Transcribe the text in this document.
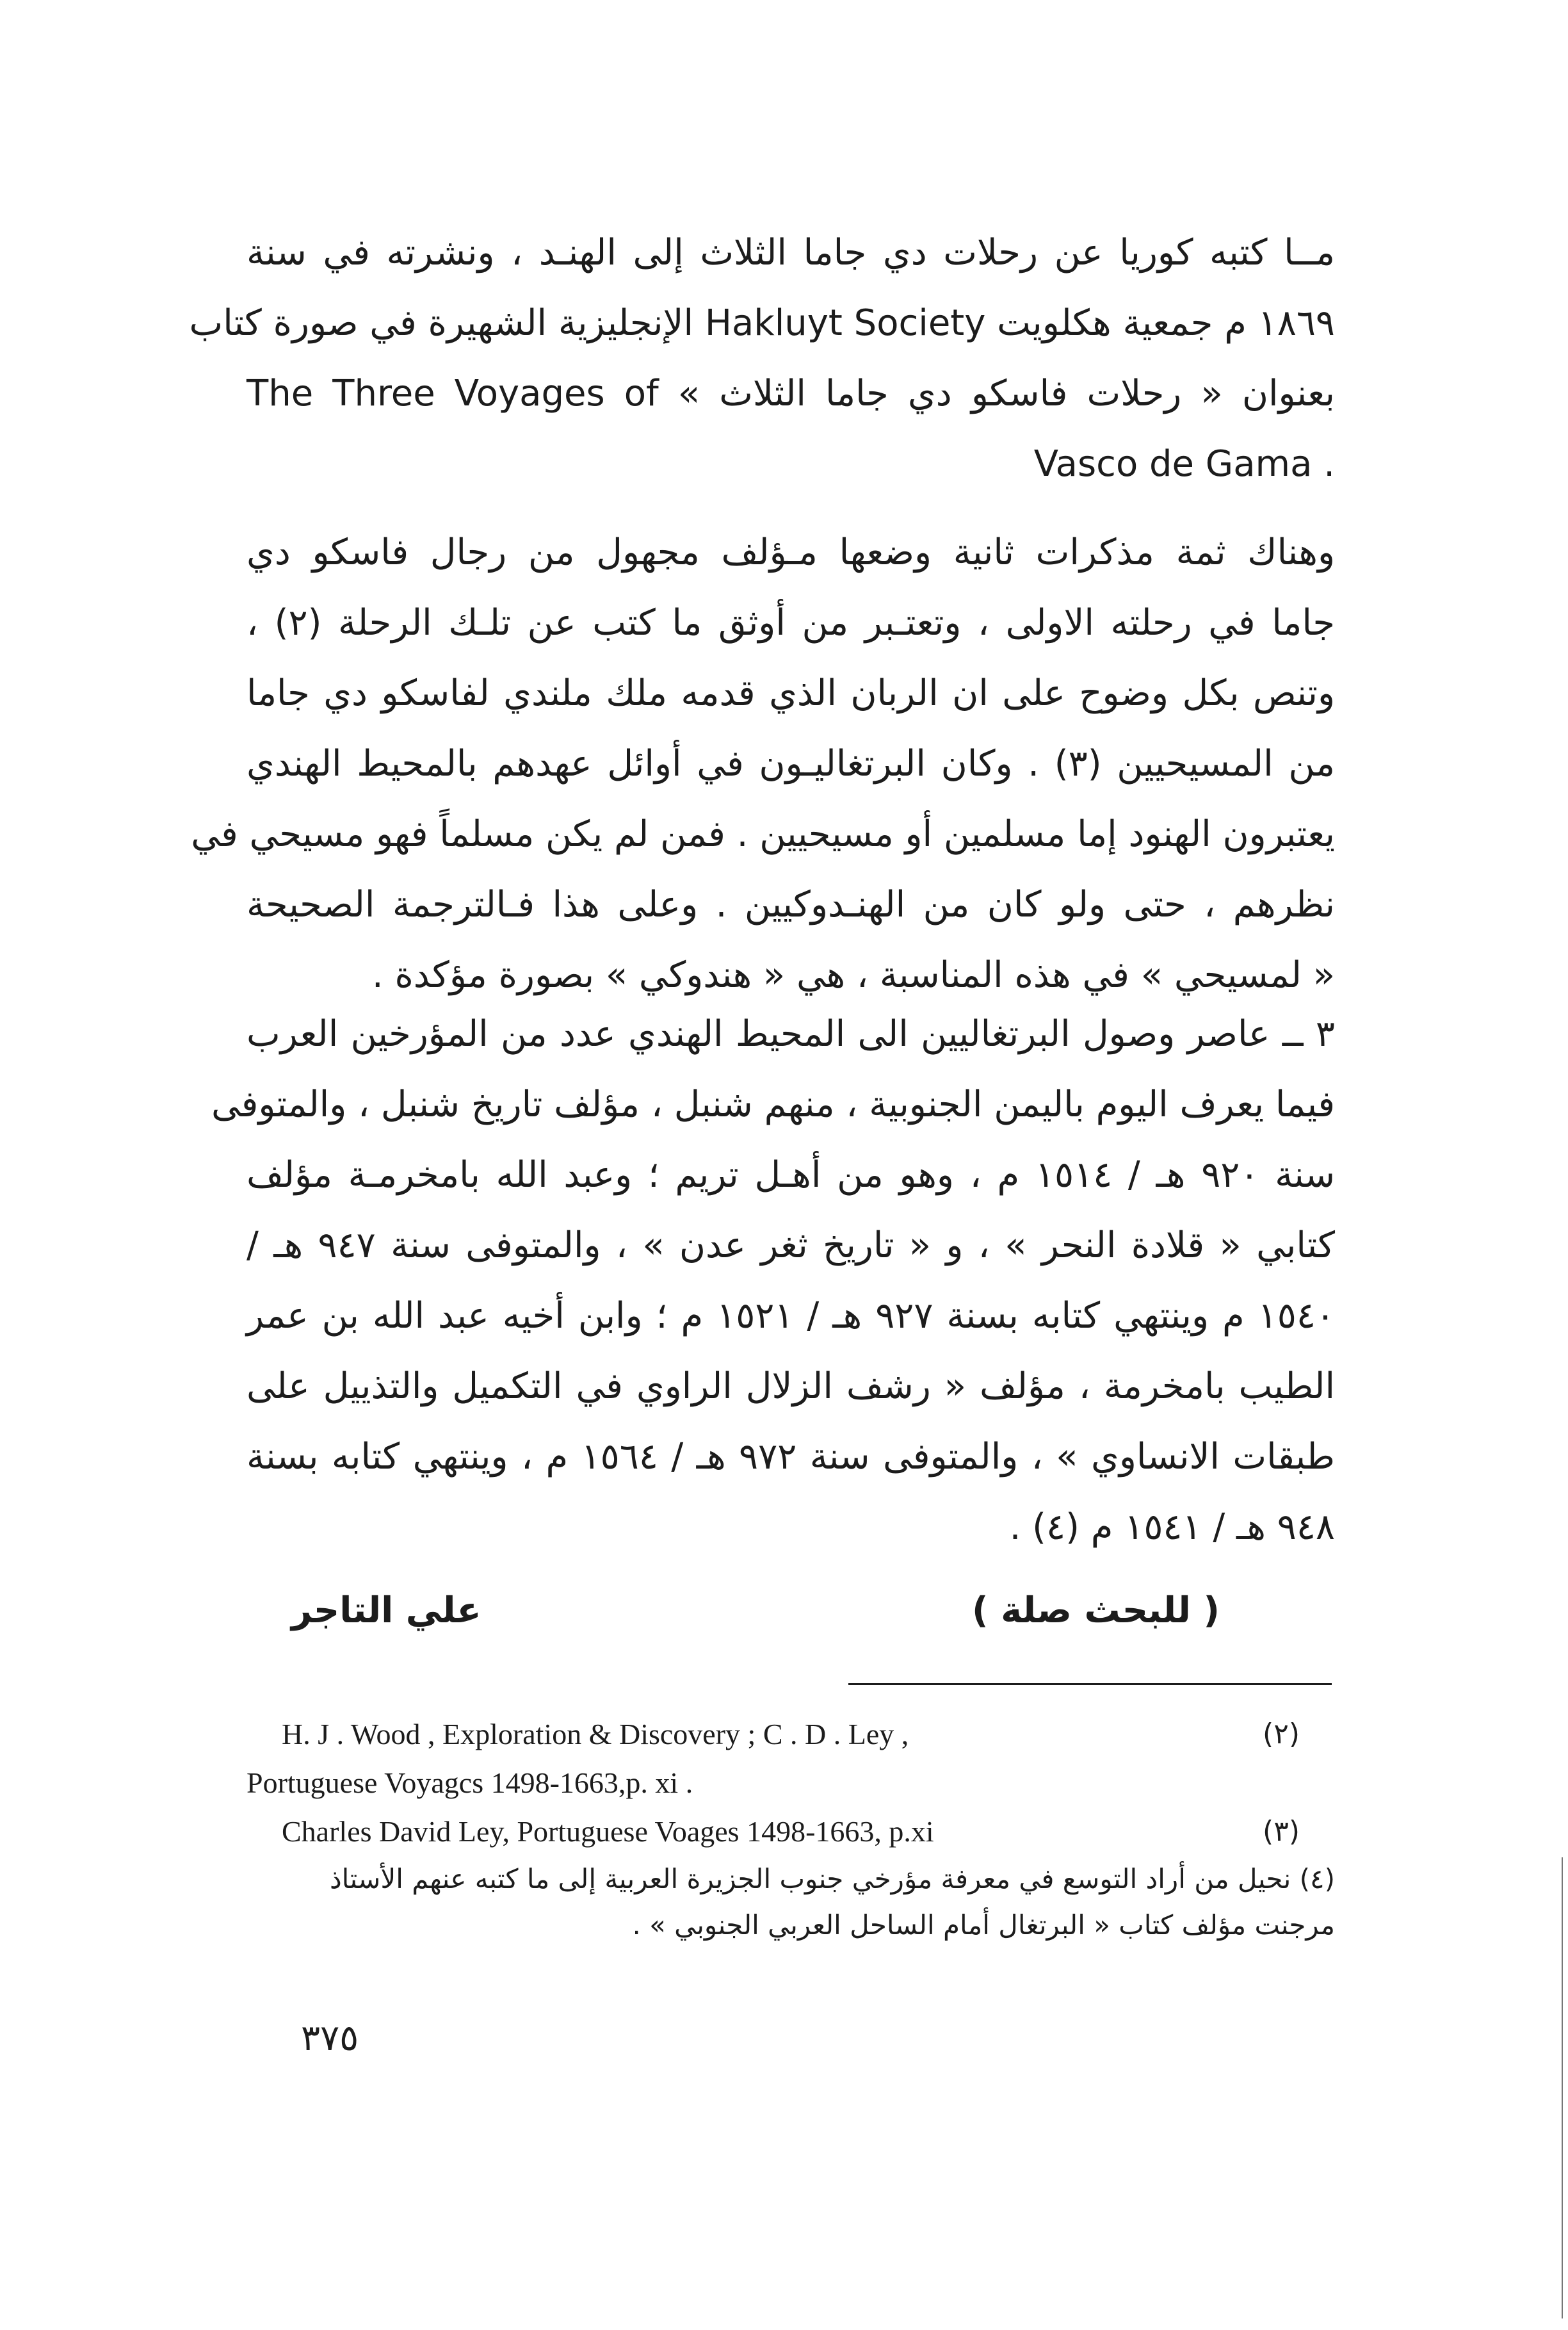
مــا كتبه كوريا عن رحلات دي جاما الثلاث إلى الهنـد ، ونشرته في سنة
١٨٦٩ م جمعية هكلويت Hakluyt Society الإنجليزية الشهيرة في صورة كتاب
بعنوان « رحلات فاسكو دي جاما الثلاث » The Three Voyages of
. Vasco de Gama
وهناك ثمة مذكرات ثانية وضعها مـؤلف مجهول من رجال فاسكو دي
جاما في رحلته الاولى ، وتعتـبر من أوثق ما كتب عن تلـك الرحلة (٢) ،
وتنص بكل وضوح على ان الربان الذي قدمه ملك ملندي لفاسكو دي جاما
من المسيحيين (٣) . وكان البرتغاليـون في أوائل عهدهم بالمحيط الهندي
يعتبرون الهنود إما مسلمين أو مسيحيين . فمن لم يكن مسلماً فهو مسيحي في
نظرهم ، حتى ولو كان من الهنـدوكيين . وعلى هذا فـالترجمة الصحيحة
« لمسيحي » في هذه المناسبة ، هي « هندوكي » بصورة مؤكدة .
٣ ــ عاصر وصول البرتغاليين الى المحيط الهندي عدد من المؤرخين العرب
فيما يعرف اليوم باليمن الجنوبية ، منهم شنبل ، مؤلف تاريخ شنبل ، والمتوفى
سنة ٩٢٠ هـ / ١٥١٤ م ، وهو من أهـل تريم ؛ وعبد الله بامخرمـة مؤلف
كتابي « قلادة النحر » ، و « تاريخ ثغر عدن » ، والمتوفى سنة ٩٤٧ هـ /
١٥٤٠ م وينتهي كتابه بسنة ٩٢٧ هـ / ١٥٢١ م ؛ وابن أخيه عبد الله بن عمر
الطيب بامخرمة ، مؤلف « رشف الزلال الراوي في التكميل والتذييل على
طبقات الانساوي » ، والمتوفى سنة ٩٧٢ هـ / ١٥٦٤ م ، وينتهي كتابه بسنة
٩٤٨ هـ / ١٥٤١ م (٤) .
( للبحث صلة )
علي التاجر
(٢)
H. J . Wood , Exploration & Discovery ; C . D . Ley ,
Portuguese Voyagcs 1498-1663,p. xi .
(٣)
Charles David Ley, Portuguese Voages 1498-1663, p.xi
(٤) نحيل من أراد التوسع في معرفة مؤرخي جنوب الجزيرة العربية إلى ما كتبه عنهم الأستاذ
مرجنت مؤلف كتاب « البرتغال أمام الساحل العربي الجنوبي » .
٣٧٥
